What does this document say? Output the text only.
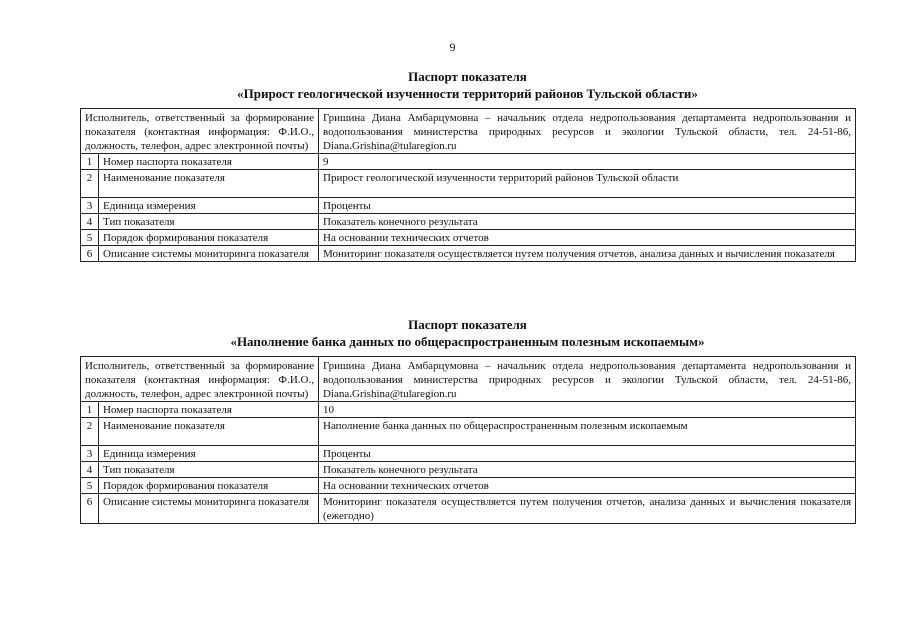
9
Паспорт показателя
«Прирост геологической изученности территорий районов Тульской области»
Исполнитель, ответственный за формирование показателя (контактная информация: Ф.И.О., должность, телефон, адрес электронной почты)		Гришина Диана Амбарцумовна – начальник отдела недропользования департамента недропользования и водопользования министерства природных ресурсов и экологии Тульской области, тел. 24-51-86, Diana.Grishina@tularegion.ru
1	Номер паспорта показателя	9
2	Наименование показателя	Прирост геологической изученности территорий районов Тульской области
3	Единица измерения	Проценты
4	Тип показателя	Показатель конечного результата
5	Порядок формирования показателя	На основании технических отчетов
6	Описание системы мониторинга показателя	Мониторинг показателя осуществляется путем получения отчетов, анализа данных и вычисления показателя
Паспорт показателя
«Наполнение банка данных по общераспространенным полезным ископаемым»
Исполнитель, ответственный за формирование показателя (контактная информация: Ф.И.О., должность, телефон, адрес электронной почты)		Гришина Диана Амбарцумовна – начальник отдела недропользования департамента недропользования и водопользования министерства природных ресурсов и экологии Тульской области, тел. 24-51-86, Diana.Grishina@tularegion.ru
1	Номер паспорта показателя	10
2	Наименование показателя	Наполнение банка данных по общераспространенным полезным ископаемым
3	Единица измерения	Проценты
4	Тип показателя	Показатель конечного результата
5	Порядок формирования показателя	На основании технических отчетов
6	Описание системы мониторинга показателя	Мониторинг показателя осуществляется путем получения отчетов, анализа данных и вычисления показателя (ежегодно)
